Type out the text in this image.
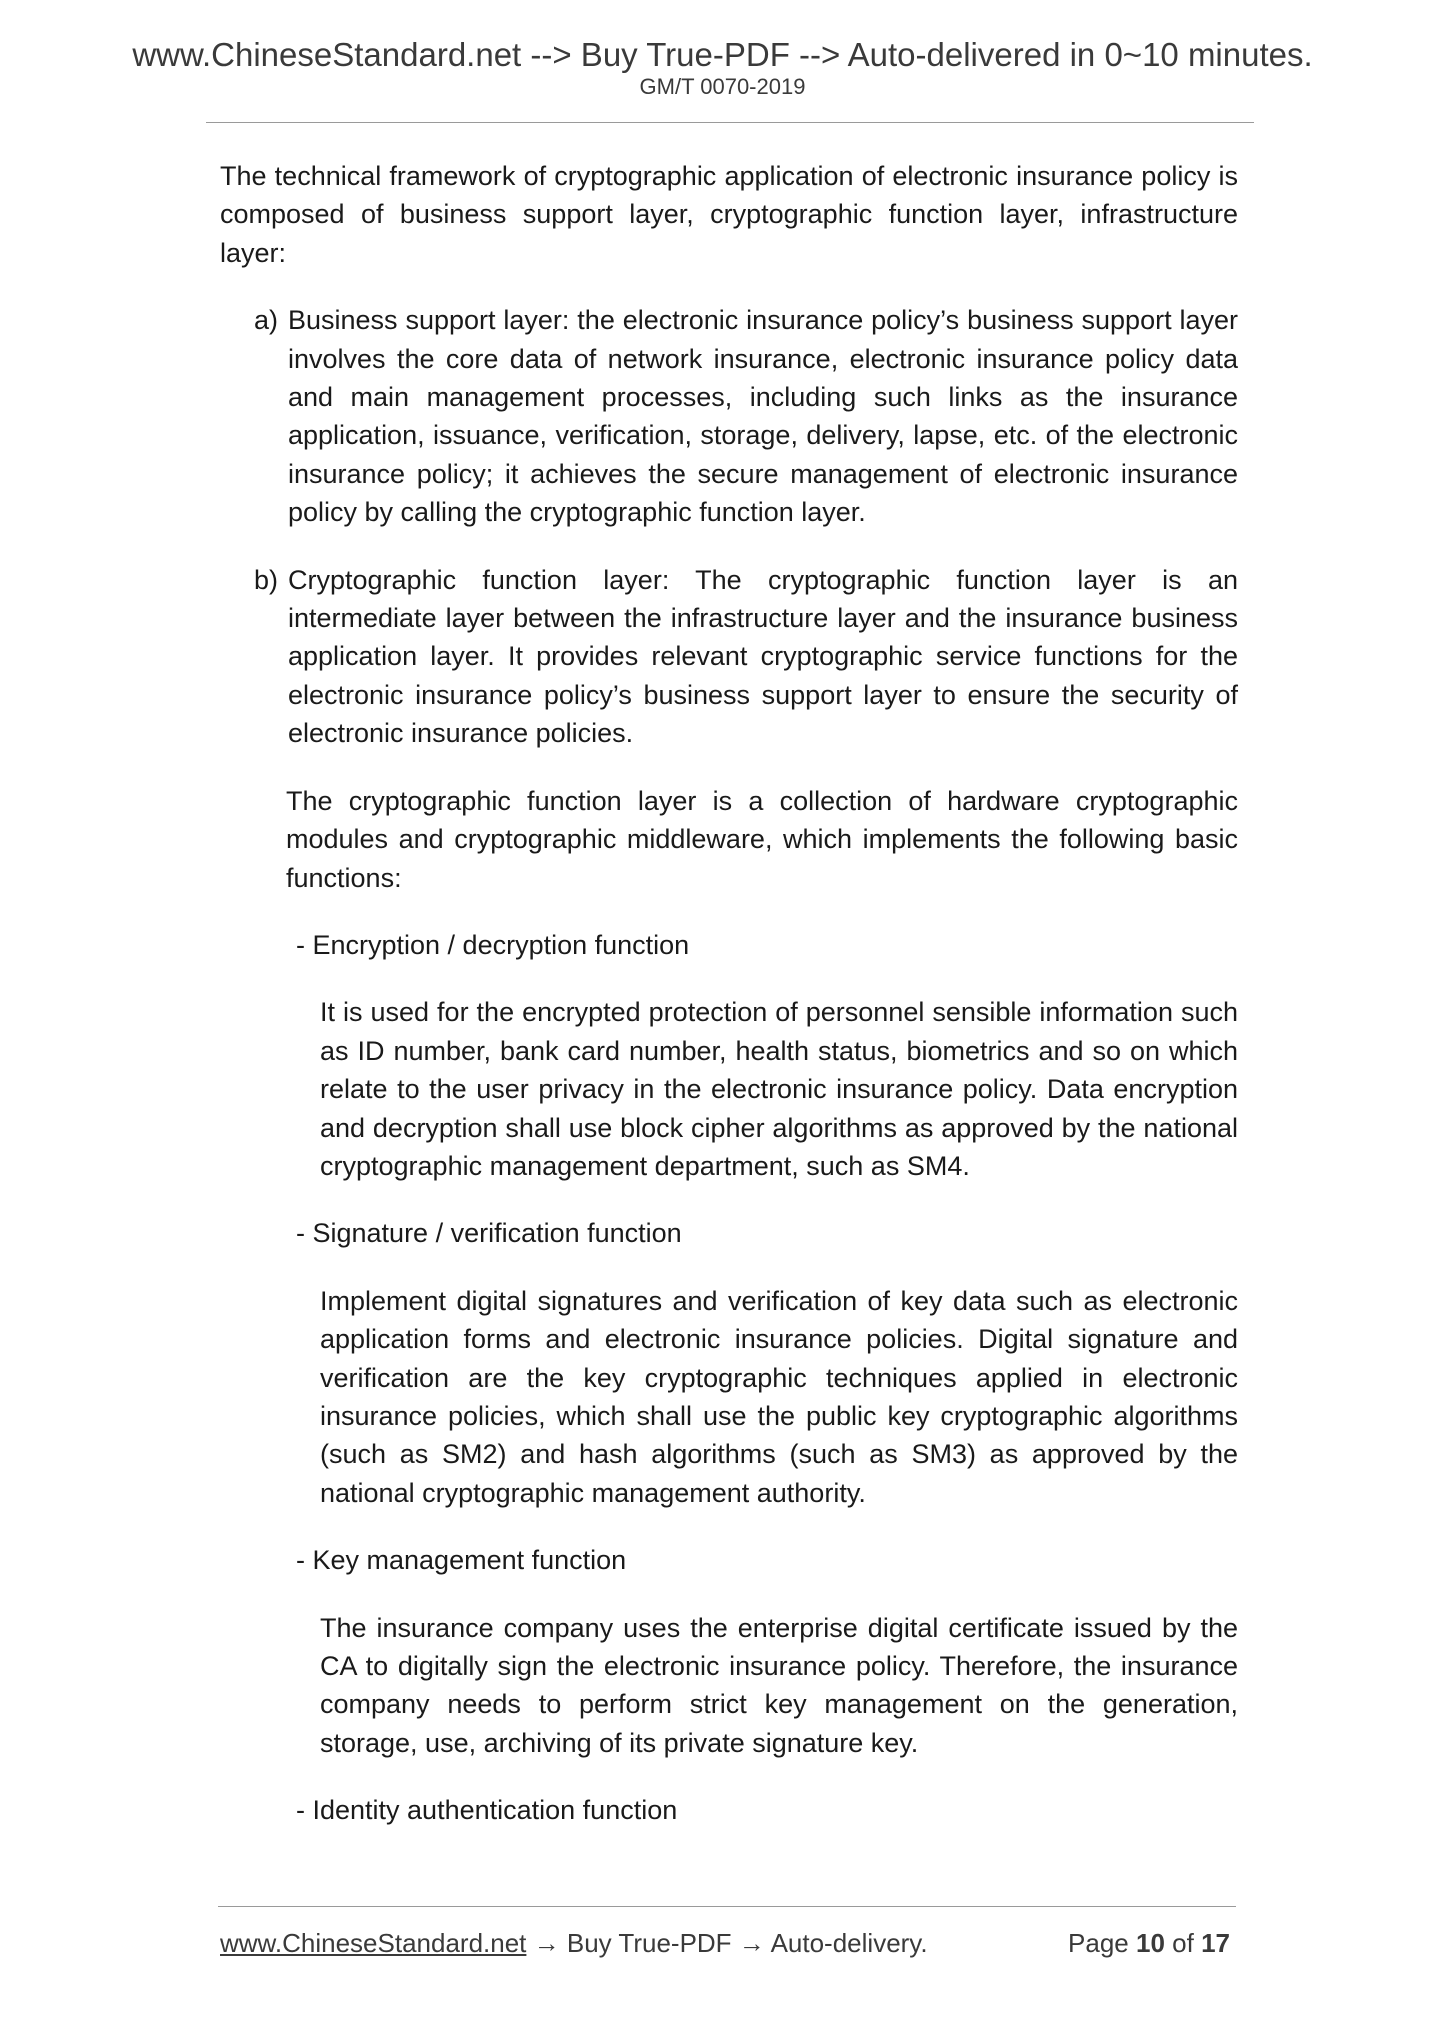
www.ChineseStandard.net --> Buy True-PDF --> Auto-delivered in 0~10 minutes.
GM/T 0070-2019

The technical framework of cryptographic application of electronic insurance policy is composed of business support layer, cryptographic function layer, infrastructure layer:

a) Business support layer: the electronic insurance policy’s business support layer involves the core data of network insurance, electronic insurance policy data and main management processes, including such links as the insurance application, issuance, verification, storage, delivery, lapse, etc. of the electronic insurance policy; it achieves the secure management of electronic insurance policy by calling the cryptographic function layer.

b) Cryptographic function layer: The cryptographic function layer is an intermediate layer between the infrastructure layer and the insurance business application layer. It provides relevant cryptographic service functions for the electronic insurance policy’s business support layer to ensure the security of electronic insurance policies.

The cryptographic function layer is a collection of hardware cryptographic modules and cryptographic middleware, which implements the following basic functions:

- Encryption / decryption function

It is used for the encrypted protection of personnel sensible information such as ID number, bank card number, health status, biometrics and so on which relate to the user privacy in the electronic insurance policy. Data encryption and decryption shall use block cipher algorithms as approved by the national cryptographic management department, such as SM4.

- Signature / verification function

Implement digital signatures and verification of key data such as electronic application forms and electronic insurance policies. Digital signature and verification are the key cryptographic techniques applied in electronic insurance policies, which shall use the public key cryptographic algorithms (such as SM2) and hash algorithms (such as SM3) as approved by the national cryptographic management authority.

- Key management function

The insurance company uses the enterprise digital certificate issued by the CA to digitally sign the electronic insurance policy. Therefore, the insurance company needs to perform strict key management on the generation, storage, use, archiving of its private signature key.

- Identity authentication function

www.ChineseStandard.net → Buy True-PDF → Auto-delivery.	Page 10 of 17
